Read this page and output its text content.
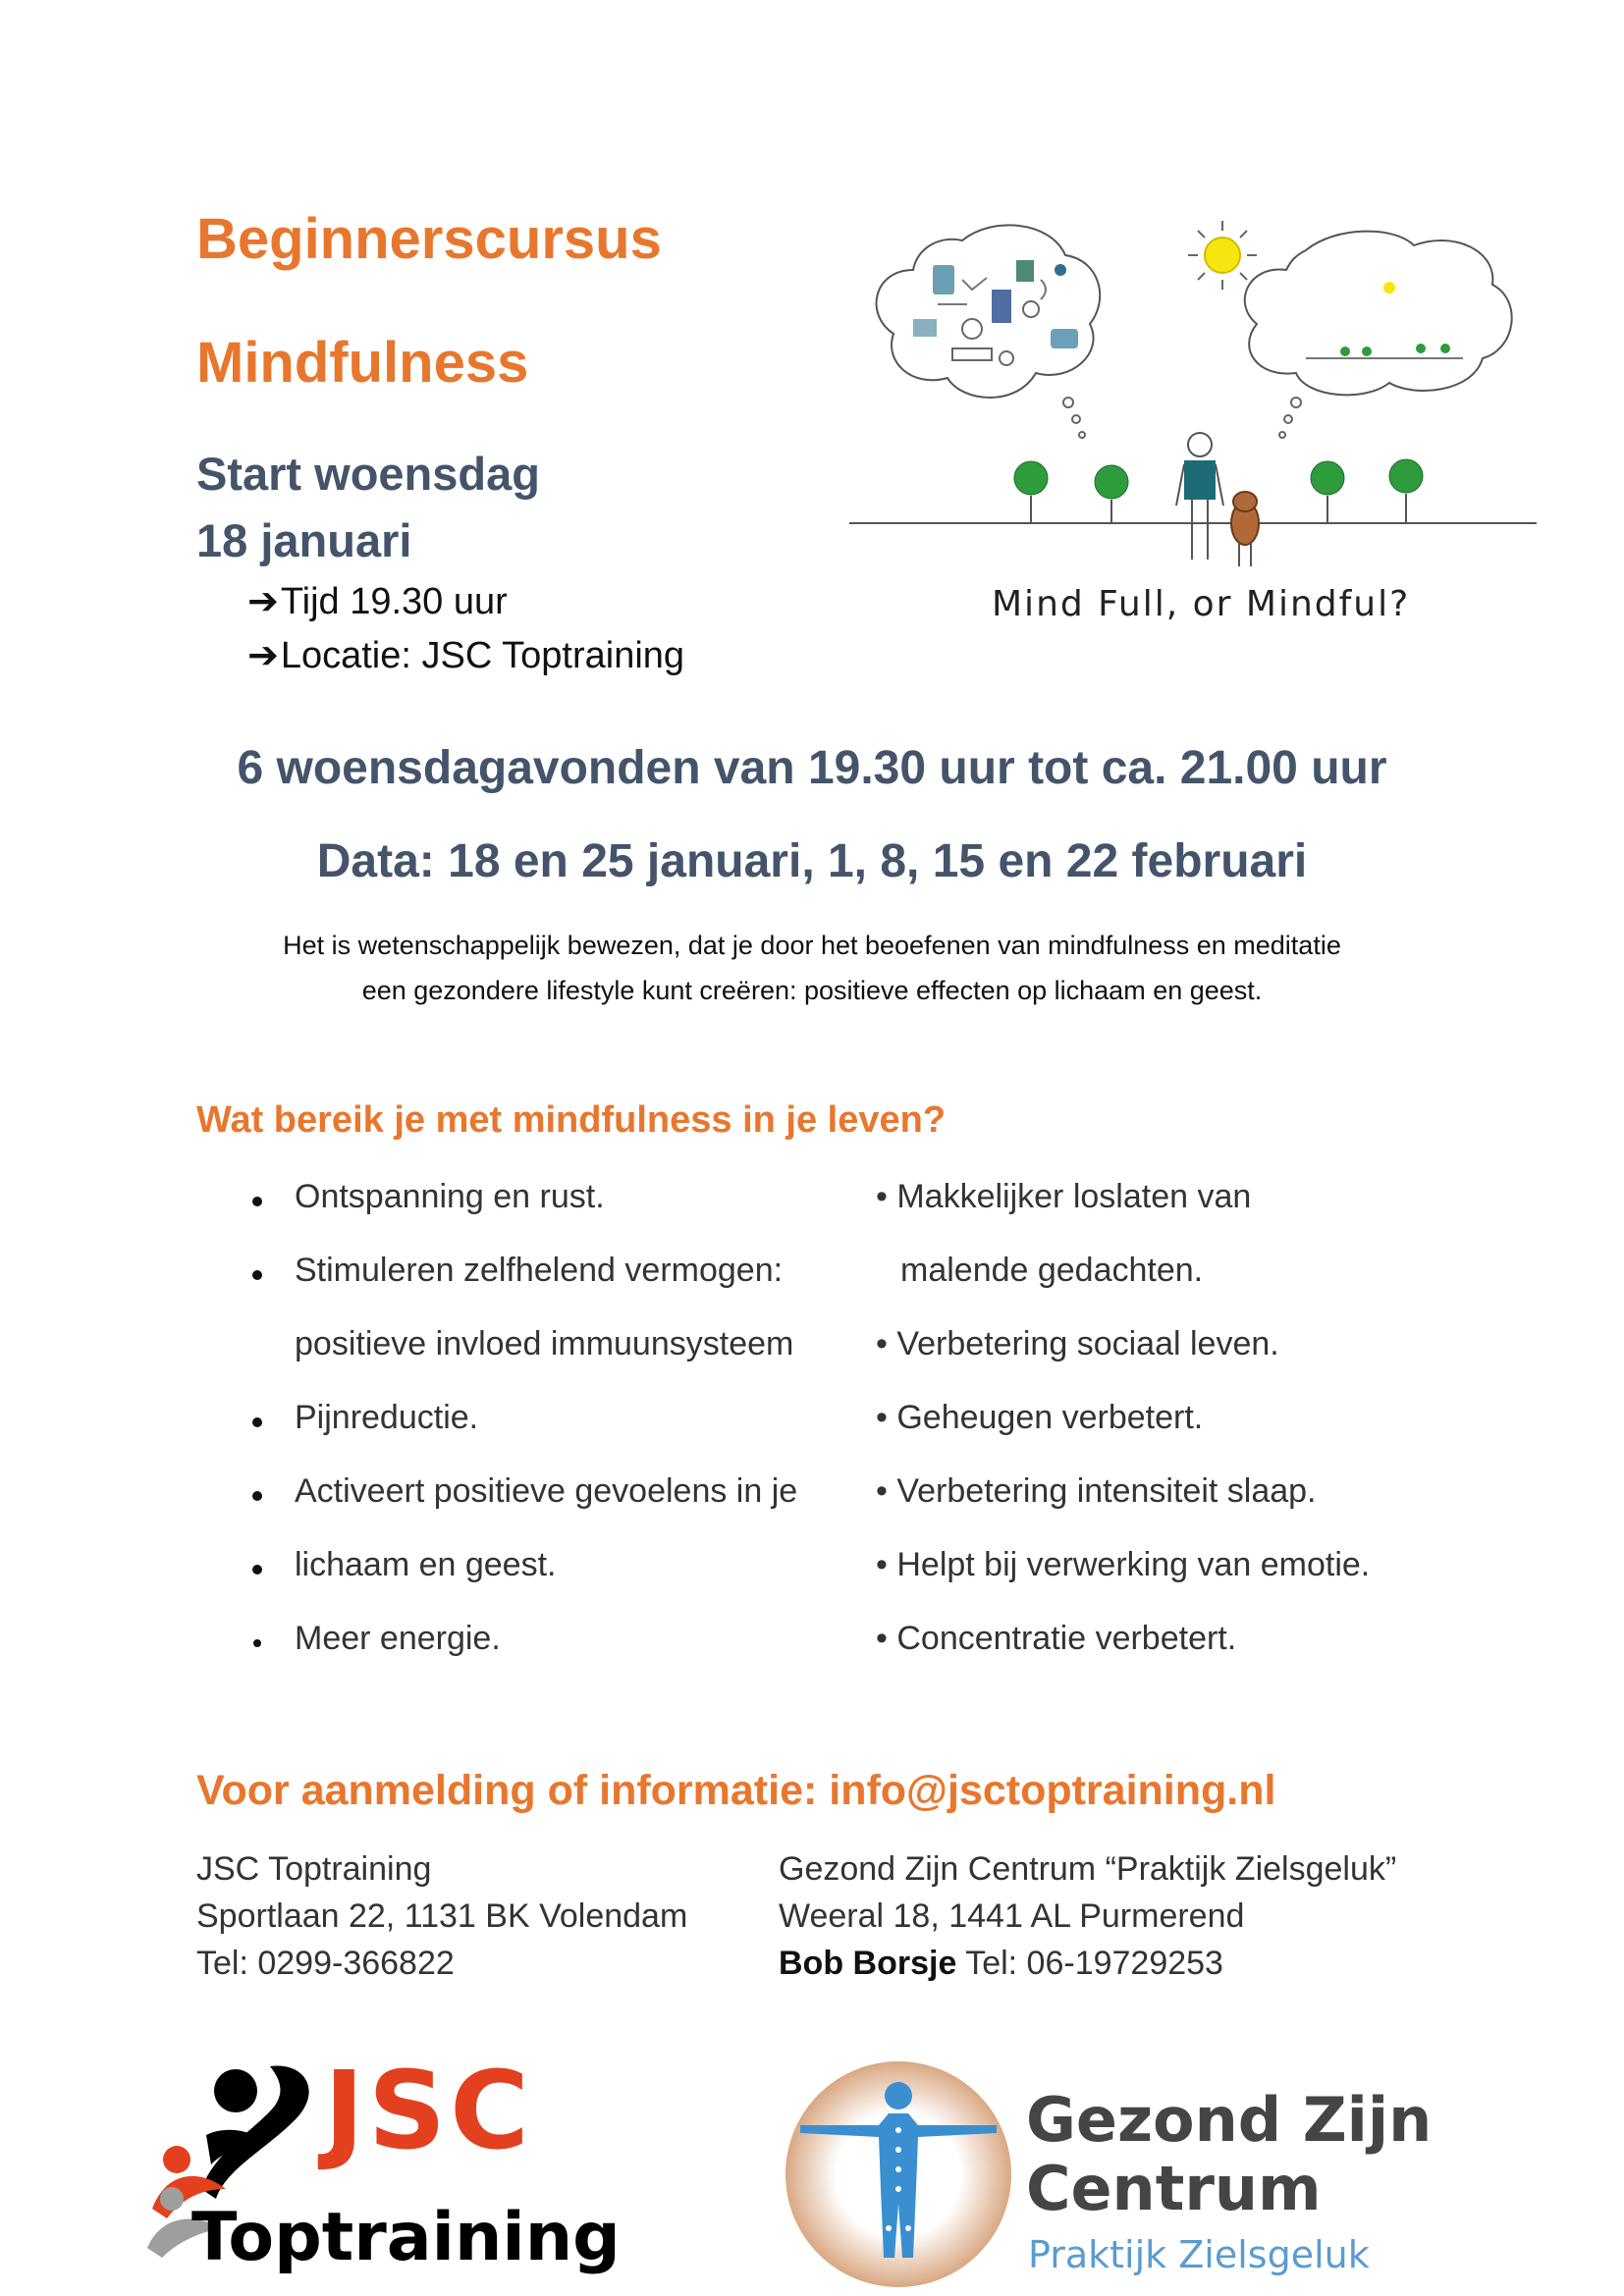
Beginnerscursus
Mindfulness
Start woensdag
18 januari
➔Tijd 19.30 uur
➔Locatie: JSC Toptraining
Mind Full, or Mindful?
6 woensdagavonden van 19.30 uur tot ca. 21.00 uur
Data: 18 en 25 januari, 1, 8, 15 en 22 februari
Het is wetenschappelijk bewezen, dat je door het beoefenen van mindfulness en meditatie
een gezondere lifestyle kunt creëren: positieve effecten op lichaam en geest.
Wat bereik je met mindfulness in je leven?
Ontspanning en rust.
Stimuleren zelfhelend vermogen:
positieve invloed immuunsysteem
Pijnreductie.
Activeert positieve gevoelens in je
lichaam en geest.
Meer energie.
• Makkelijker loslaten van
malende gedachten.
• Verbetering sociaal leven.
• Geheugen verbetert.
• Verbetering intensiteit slaap.
• Helpt bij verwerking van emotie.
• Concentratie verbetert.
Voor aanmelding of informatie: info@jsctoptraining.nl
JSC Toptraining
Sportlaan 22, 1131 BK Volendam
Tel: 0299-366822
Gezond Zijn Centrum “Praktijk Zielsgeluk”
Weeral 18, 1441 AL Purmerend
Bob Borsje Tel: 06-19729253
JSC
Toptraining
Gezond Zijn
Centrum
Praktijk Zielsgeluk
